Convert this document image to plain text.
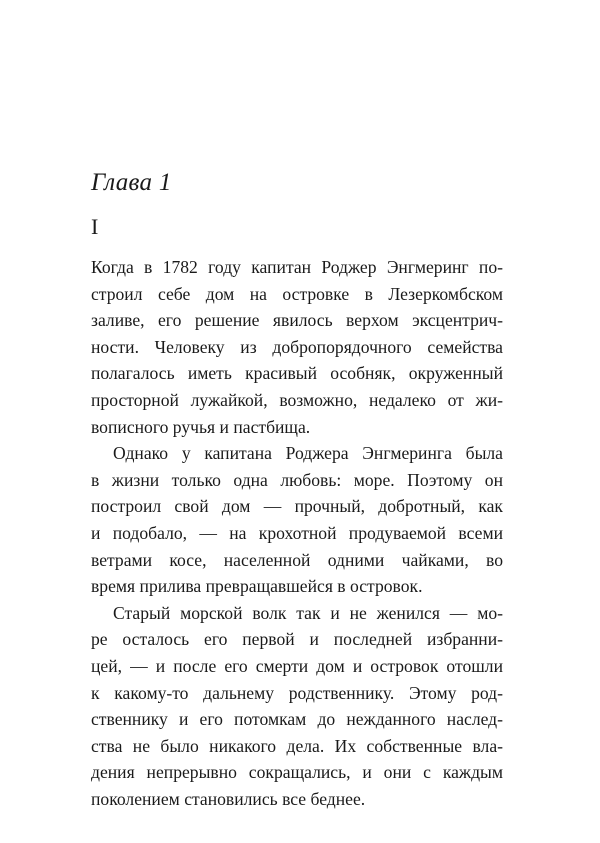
Глава 1
I
Когда в 1782 году капитан Роджер Энгмеринг по-
строил себе дом на островке в Лезеркомбском
заливе, его решение явилось верхом эксцентрич-
ности. Человеку из добропорядочного семейства
полагалось иметь красивый особняк, окруженный
просторной лужайкой, возможно, недалеко от жи-
вописного ручья и пастбища.
Однако у капитана Роджера Энгмеринга была
в жизни только одна любовь: море. Поэтому он
построил свой дом — прочный, добротный, как
и подобало, — на крохотной продуваемой всеми
ветрами косе, населенной одними чайками, во
время прилива превращавшейся в островок.
Старый морской волк так и не женился — мо-
ре осталось его первой и последней избранни-
цей, — и после его смерти дом и островок отошли
к какому-то дальнему родственнику. Этому род-
ственнику и его потомкам до нежданного наслед-
ства не было никакого дела. Их собственные вла-
дения непрерывно сокращались, и они с каждым
поколением становились все беднее.
